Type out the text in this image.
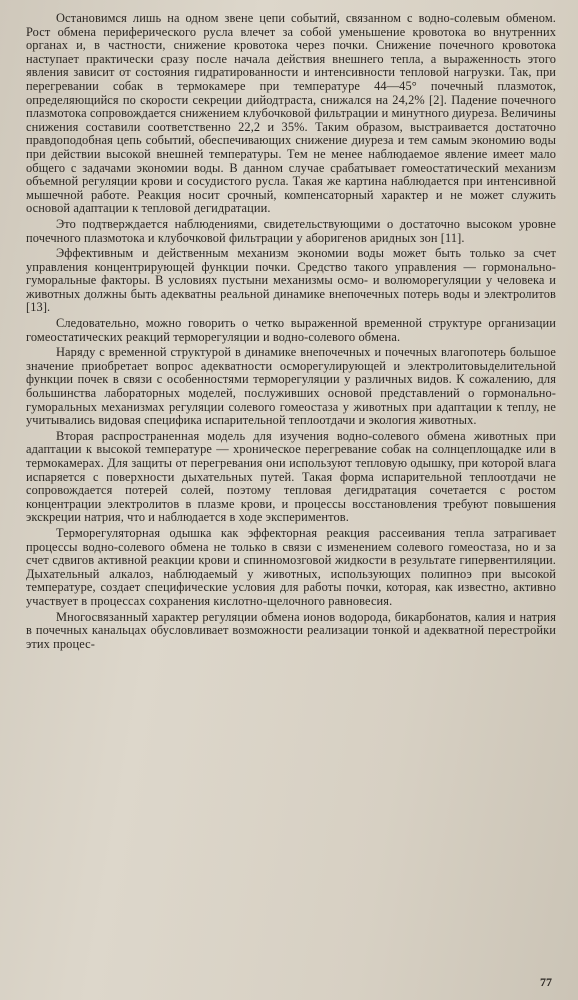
Остановимся лишь на одном звене цепи событий, связанном с водно-солевым обменом. Рост обмена периферического русла влечет за собой уменьшение кровотока во внутренних органах и, в частности, снижение кровотока через почки. Снижение почечного кровотока наступает практически сразу после начала действия внешнего тепла, а выраженность этого явления зависит от состояния гидратированности и интенсивности тепловой нагрузки. Так, при перегревании собак в термокамере при температуре 44—45° почечный плазмоток, определяющийся по скорости секреции дийодтраста, снижался на 24,2% [2]. Падение почечного плазмотока сопровождается снижением клубочковой фильтрации и минутного диуреза. Величины снижения составили соответственно 22,2 и 35%. Таким образом, выстраивается достаточно правдоподобная цепь событий, обеспечивающих снижение диуреза и тем самым экономию воды при действии высокой внешней температуры. Тем не менее наблюдаемое явление имеет мало общего с задачами экономии воды. В данном случае срабатывает гомеостатический механизм объемной регуляции крови и сосудистого русла. Такая же картина наблюдается при интенсивной мышечной работе. Реакция носит срочный, компенсаторный характер и не может служить основой адаптации к тепловой дегидратации.

Это подтверждается наблюдениями, свидетельствующими о достаточно высоком уровне почечного плазмотока и клубочковой фильтрации у аборигенов аридных зон [11].

Эффективным и действенным механизм экономии воды может быть только за счет управления концентрирующей функции почки. Средство такого управления — гормонально-гуморальные факторы. В условиях пустыни механизмы осмо- и волюморегуляции у человека и животных должны быть адекватны реальной динамике внепочечных потерь воды и электролитов [13].

Следовательно, можно говорить о четко выраженной временной структуре организации гомеостатических реакций терморегуляции и водно-солевого обмена.

Наряду с временной структурой в динамике внепочечных и почечных влагопотерь большое значение приобретает вопрос адекватности осморегулирующей и электролитовыделительной функции почек в связи с особенностями терморегуляции у различных видов. К сожалению, для большинства лабораторных моделей, послуживших основой представлений о гормонально-гуморальных механизмах регуляции солевого гомеостаза у животных при адаптации к теплу, не учитывались видовая специфика испарительной теплоотдачи и экология животных.

Вторая распространенная модель для изучения водно-солевого обмена животных при адаптации к высокой температуре — хроническое перегревание собак на солнцеплощадке или в термокамерах. Для защиты от перегревания они используют тепловую одышку, при которой влага испаряется с поверхности дыхательных путей. Такая форма испарительной теплоотдачи не сопровождается потерей солей, поэтому тепловая дегидратация сочетается с ростом концентрации электролитов в плазме крови, и процессы восстановления требуют повышения экскреции натрия, что и наблюдается в ходе экспериментов.

Терморегуляторная одышка как эффекторная реакция рассеивания тепла затрагивает процессы водно-солевого обмена не только в связи с изменением солевого гомеостаза, но и за счет сдвигов активной реакции крови и спинномозговой жидкости в результате гипервентиляции. Дыхательный алкалоз, наблюдаемый у животных, использующих полипноэ при высокой температуре, создает специфические условия для работы почки, которая, как известно, активно участвует в процессах сохранения кислотно-щелочного равновесия.

Многосвязанный характер регуляции обмена ионов водорода, бикарбонатов, калия и натрия в почечных канальцах обусловливает возможности реализации тонкой и адекватной перестройки этих процес-

77
